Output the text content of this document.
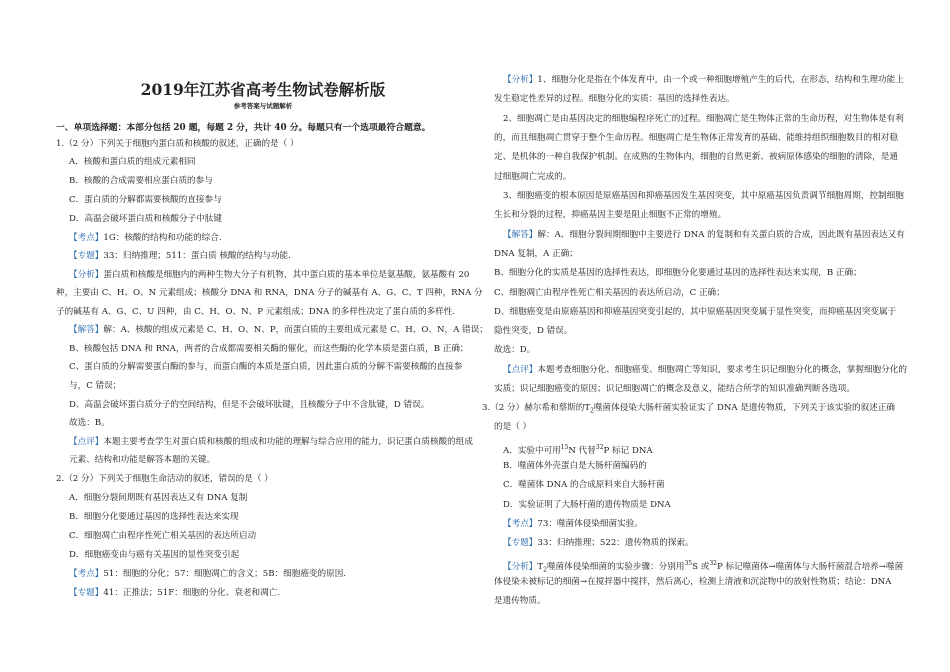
2019年江苏省高考生物试卷解析版
参考答案与试题解析
一、单项选择题：本部分包括 20 题，每题 2 分，共计 40 分。每题只有一个选项最符合题意。
1.（2 分）下列关于细胞内蛋白质和核酸的叙述，正确的是（ ）
A．核酸和蛋白质的组成元素相同
B．核酸的合成需要相应蛋白质的参与
C．蛋白质的分解都需要核酸的直接参与
D．高温会破坏蛋白质和核酸分子中肽键
【考点】1G：核酸的结构和功能的综合.
【专题】33：归纳推理；511：蛋白质 核酸的结构与功能.
【分析】蛋白质和核酸是细胞内的两种生物大分子有机物，其中蛋白质的基本单位是氨基酸，氨基酸有 20
种，主要由 C、H、O、N 元素组成；核酸分 DNA 和 RNA，DNA 分子的碱基有 A、G、C、T 四种，RNA 分
子的碱基有 A、G、C、U 四种，由 C、H、O、N、P 元素组成；DNA 的多样性决定了蛋白质的多样性.
【解答】解：A、核酸的组成元素是 C、H、O、N、P，而蛋白质的主要组成元素是 C、H、O、N，A 错误；
B、核酸包括 DNA 和 RNA，两者的合成都需要相关酶的催化，而这些酶的化学本质是蛋白质，B 正确；
C、蛋白质的分解需要蛋白酶的参与，而蛋白酶的本质是蛋白质，因此蛋白质的分解不需要核酸的直接参
与，C 错误；
D、高温会破坏蛋白质分子的空间结构，但是不会破坏肽键，且核酸分子中不含肽键，D 错误。
故选：B。
【点评】本题主要考查学生对蛋白质和核酸的组成和功能的理解与综合应用的能力，识记蛋白质核酸的组成
元素、结构和功能是解答本题的关键。
2.（2 分）下列关于细胞生命活动的叙述，错误的是（ ）
A．细胞分裂间期既有基因表达又有 DNA 复制
B．细胞分化要通过基因的选择性表达来实现
C．细胞凋亡由程序性死亡相关基因的表达所启动
D．细胞癌变由与癌有关基因的显性突变引起
【考点】51：细胞的分化；57：细胞凋亡的含义；5B：细胞癌变的原因.
【专题】41：正推法；51F：细胞的分化、衰老和凋亡.
【分析】1、细胞分化是指在个体发育中，由一个或一种细胞增殖产生的后代，在形态，结构和生理功能上
发生稳定性差异的过程。细胞分化的实质：基因的选择性表达。
2、细胞凋亡是由基因决定的细胞编程序死亡的过程。细胞凋亡是生物体正常的生命历程，对生物体是有利
的，而且细胞凋亡贯穿于整个生命历程。细胞凋亡是生物体正常发育的基础、能维持组织细胞数目的相对稳
定、是机体的一种自我保护机制。在成熟的生物体内，细胞的自然更新、被病原体感染的细胞的清除，是通
过细胞凋亡完成的。
3、细胞癌变的根本原因是原癌基因和抑癌基因发生基因突变，其中原癌基因负责调节细胞周期，控制细胞
生长和分裂的过程，抑癌基因主要是阻止细胞不正常的增殖。
【解答】解：A、细胞分裂间期细胞中主要进行 DNA 的复制和有关蛋白质的合成，因此既有基因表达又有
DNA 复制，A 正确；
B、细胞分化的实质是基因的选择性表达，即细胞分化要通过基因的选择性表达来实现，B 正确；
C、细胞凋亡由程序性死亡相关基因的表达所启动，C 正确；
D、细胞癌变是由原癌基因和抑癌基因突变引起的，其中原癌基因突变属于显性突变，而抑癌基因突变属于
隐性突变，D 错误。
故选：D。
【点评】本题考查细胞分化、细胞癌变、细胞凋亡等知识，要求考生识记细胞分化的概念，掌握细胞分化的
实质；识记细胞癌变的原因；识记细胞凋亡的概念及意义，能结合所学的知识准确判断各选项。
3.（2 分）赫尔希和蔡斯的$T_2$噬菌体侵染大肠杆菌实验证实了 DNA 是遗传物质，下列关于该实验的叙述正确
的是（ ）
A．实验中可用$^{15}$N 代替$^{32}$P 标记 DNA
B．噬菌体外壳蛋白是大肠杆菌编码的
C．噬菌体 DNA 的合成原料来自大肠杆菌
D．实验证明了大肠杆菌的遗传物质是 DNA
【考点】73：噬菌体侵染细菌实验。
【专题】33：归纳推理；522：遗传物质的探索。
【分析】$T_2$噬菌体侵染细菌的实验步骤：分别用$^{35}$S 或$^{32}$P 标记噬菌体→噬菌体与大肠杆菌混合培养→噬菌
体侵染未被标记的细菌→在搅拌器中搅拌，然后离心，检测上清液和沉淀物中的放射性物质；结论：DNA
是遗传物质。
